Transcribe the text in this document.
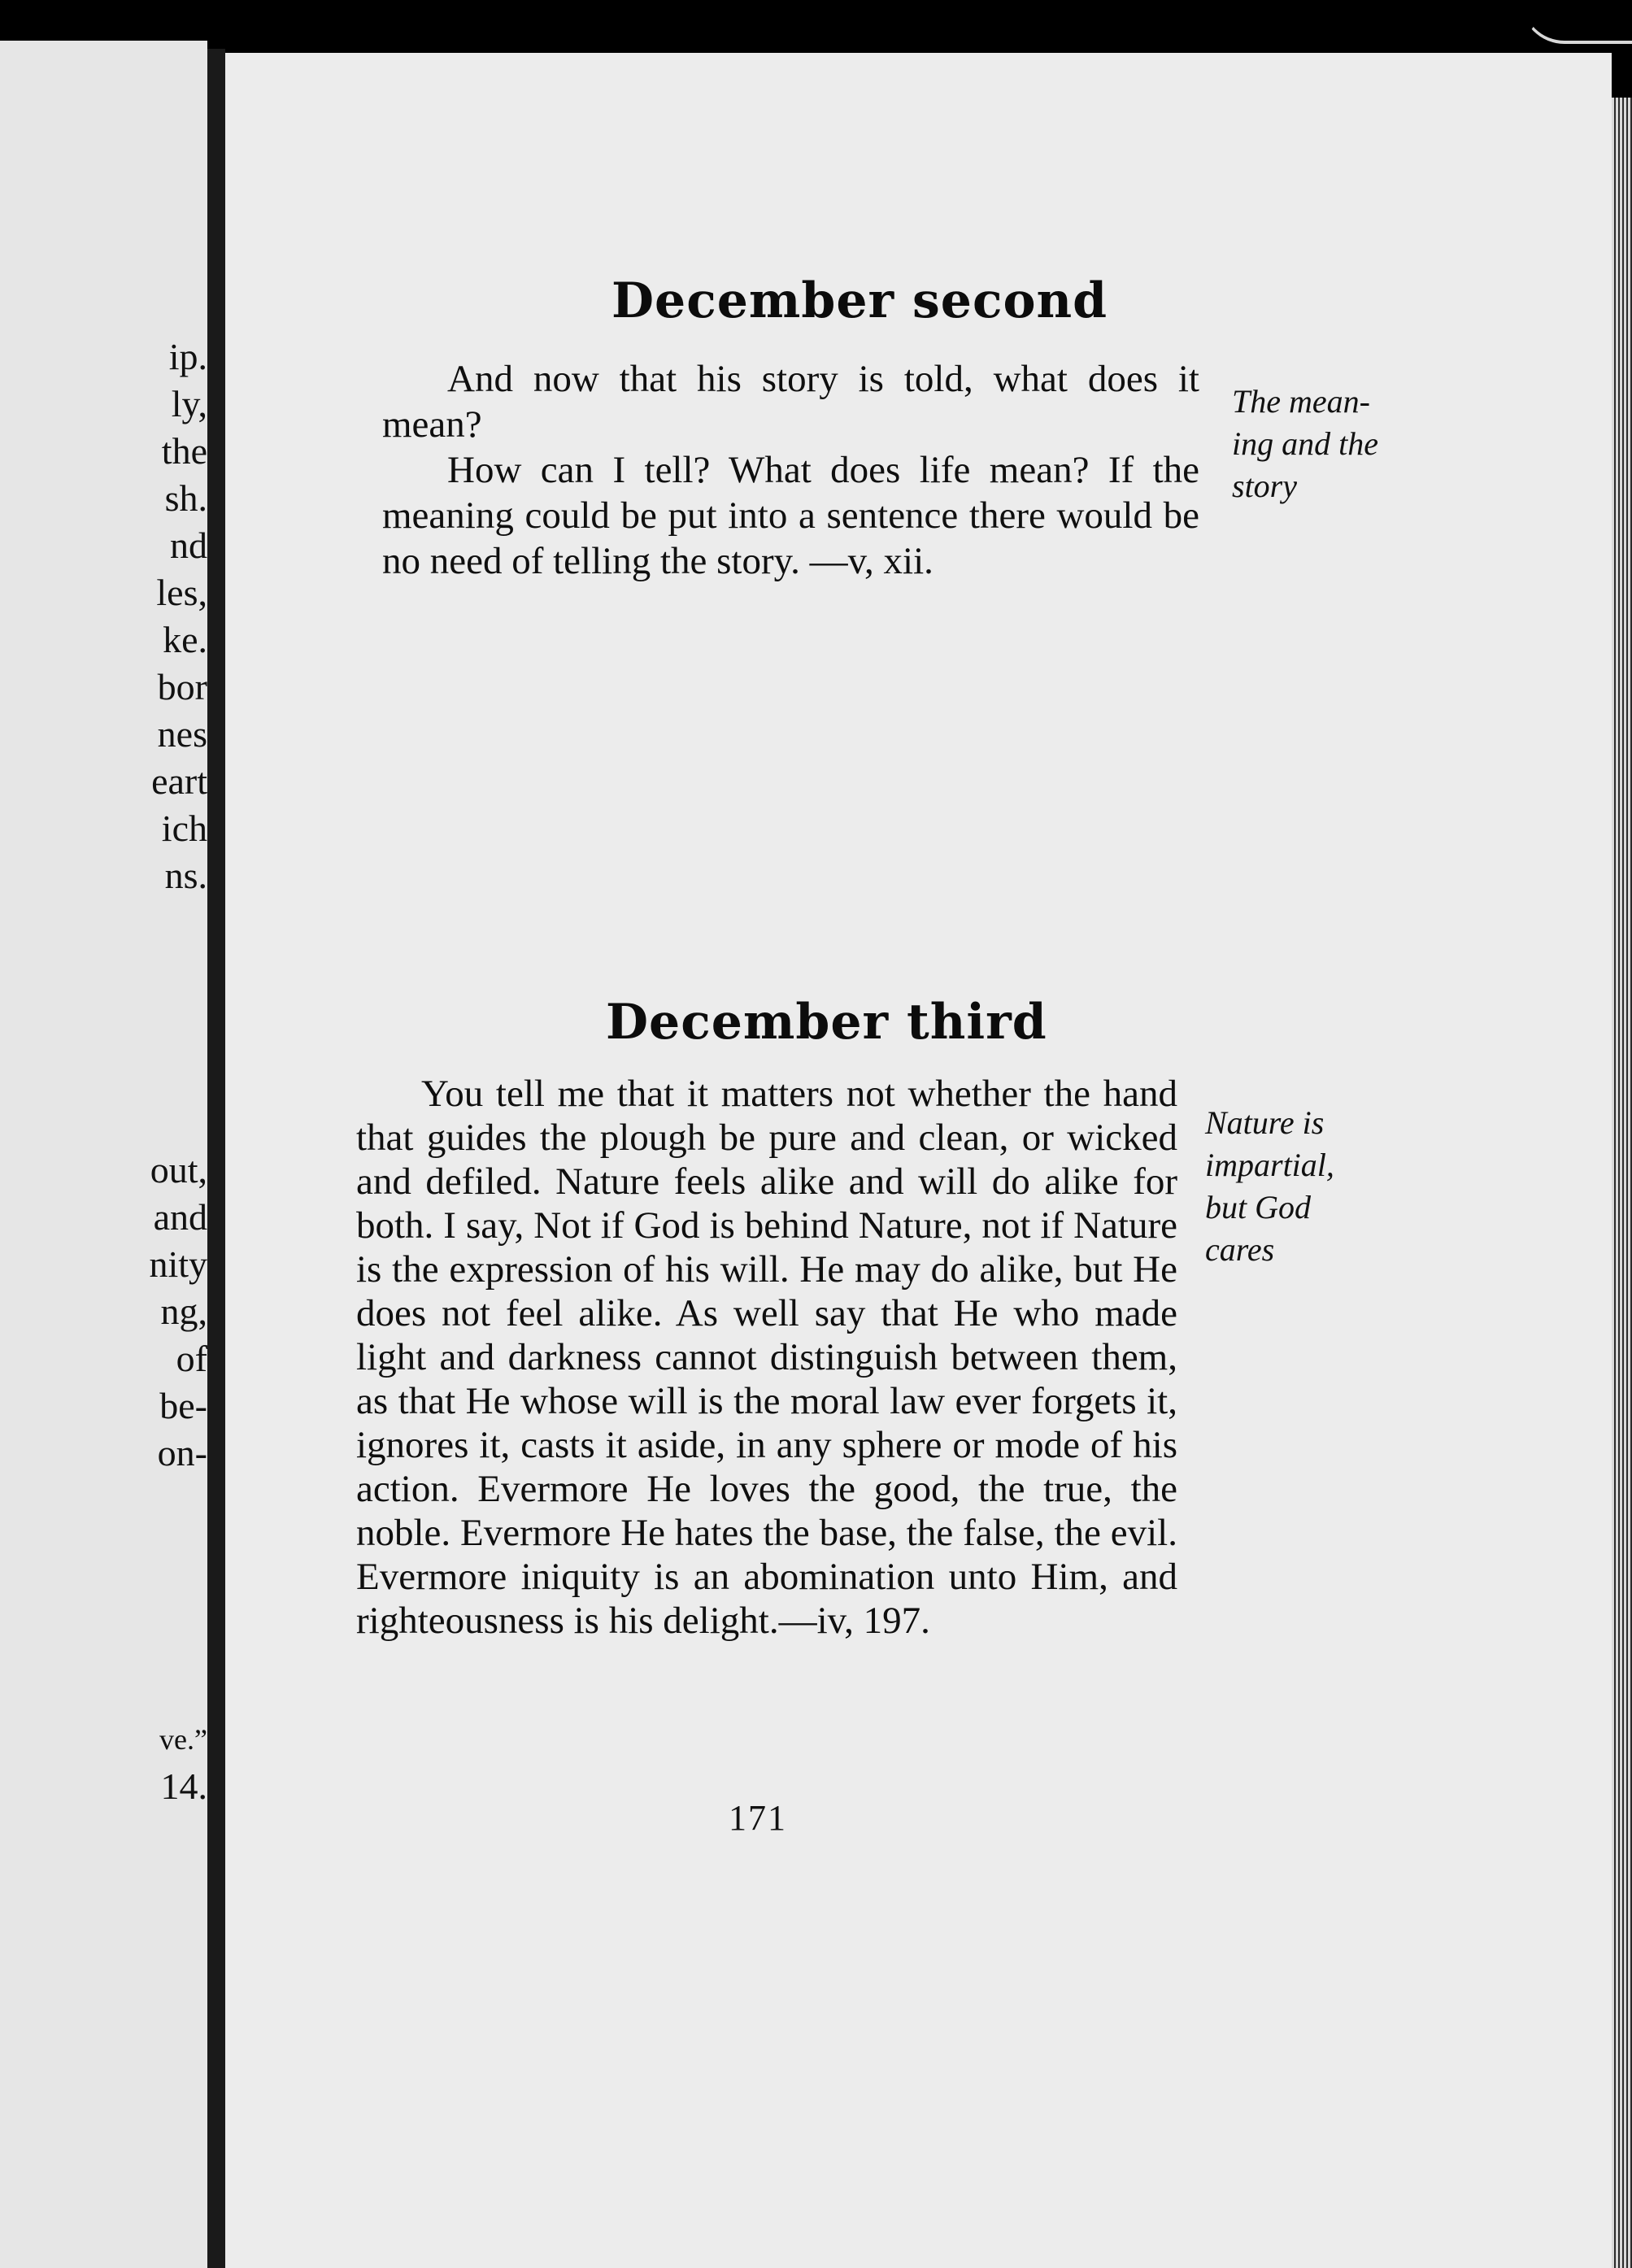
ip.
ly,
the
sh.
nd
les,
ke.
bor
nes
eart
ich
ns.
out,
and
nity
ng,
of
be-
on-
ve.”
14.
December second

And now that his story is told, what does it mean?

How can I tell? What does life mean? If the meaning could be put into a sentence there would be no need of telling the story. —v, xii.

The mean-
ing and the
story
December third

You tell me that it matters not whether the hand that guides the plough be pure and clean, or wicked and defiled. Nature feels alike and will do alike for both. I say, Not if God is behind Nature, not if Nature is the expression of his will. He may do alike, but He does not feel alike. As well say that He who made light and darkness cannot distinguish between them, as that He whose will is the moral law ever forgets it, ignores it, casts it aside, in any sphere or mode of his action. Evermore He loves the good, the true, the noble. Evermore He hates the base, the false, the evil. Evermore iniquity is an abomination unto Him, and righteousness is his delight.—iv, 197.

Nature is
impartial,
but God
cares
171
